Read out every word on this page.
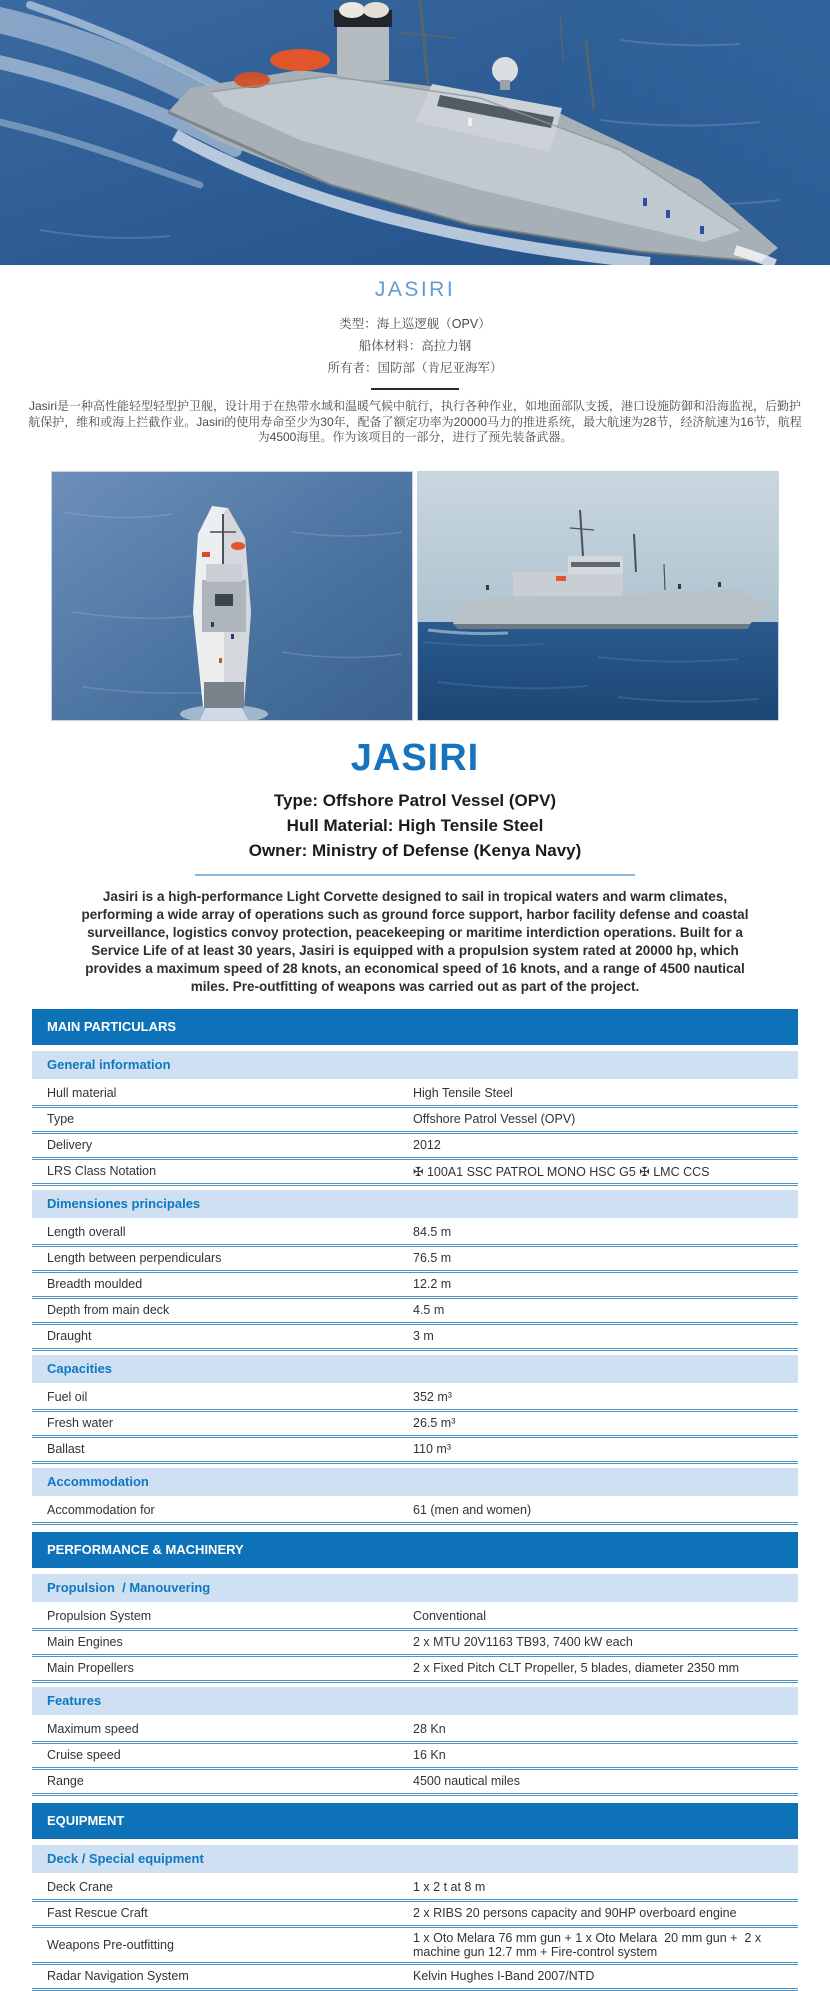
JASIRI
类型：海上巡逻舰（OPV）
船体材料：高拉力钢
所有者：国防部（肯尼亚海军）
Jasiri是一种高性能轻型轻型护卫舰，设计用于在热带水域和温暖气候中航行，执行各种作业，如地面部队支援，港口设施防御和沿海监视，后勤护航保护，维和或海上拦截作业。Jasiri的使用寿命至少为30年，配备了额定功率为20000马力的推进系统，最大航速为28节，经济航速为16节，航程为4500海里。作为该项目的一部分，进行了预先装备武器。
JASIRI
Type: Offshore Patrol Vessel (OPV)
Hull Material: High Tensile Steel
Owner: Ministry of Defense (Kenya Navy)
Jasiri is a high-performance Light Corvette designed to sail in tropical waters and warm climates, performing a wide array of operations such as ground force support, harbor facility defense and coastal surveillance, logistics convoy protection, peacekeeping or maritime interdiction operations. Built for a Service Life of at least 30 years, Jasiri is equipped with a propulsion system rated at 20000 hp, which provides a maximum speed of 28 knots, an economical speed of 16 knots, and a range of 4500 nautical miles. Pre-outfitting of weapons was carried out as part of the project.
MAIN PARTICULARS
General information
Hull material	High Tensile Steel
Type	Offshore Patrol Vessel (OPV)
Delivery	2012
LRS Class Notation	✠ 100A1 SSC PATROL MONO HSC G5 ✠ LMC CCS
Dimensiones principales
Length overall	84.5 m
Length between perpendiculars	76.5 m
Breadth moulded	12.2 m
Depth from main deck	4.5 m
Draught	3 m
Capacities
Fuel oil	352 m³
Fresh water	26.5 m³
Ballast	110 m³
Accommodation
Accommodation for	61 (men and women)
PERFORMANCE & MACHINERY
Propulsion  / Manouvering
Propulsion System	Conventional
Main Engines	2 x MTU 20V1163 TB93, 7400 kW each
Main Propellers	2 x Fixed Pitch CLT Propeller, 5 blades, diameter 2350 mm
Features
Maximum speed	28 Kn
Cruise speed	16 Kn
Range	4500 nautical miles
EQUIPMENT
Deck / Special equipment
Deck Crane	1 x 2 t at 8 m
Fast Rescue Craft	2 x RIBS 20 persons capacity and 90HP overboard engine
Weapons Pre-outfitting	1 x Oto Melara 76 mm gun + 1 x Oto Melara  20 mm gun +  2 x machine gun 12.7 mm + Fire-control system
Radar Navigation System	Kelvin Hughes I-Band 2007/NTD
